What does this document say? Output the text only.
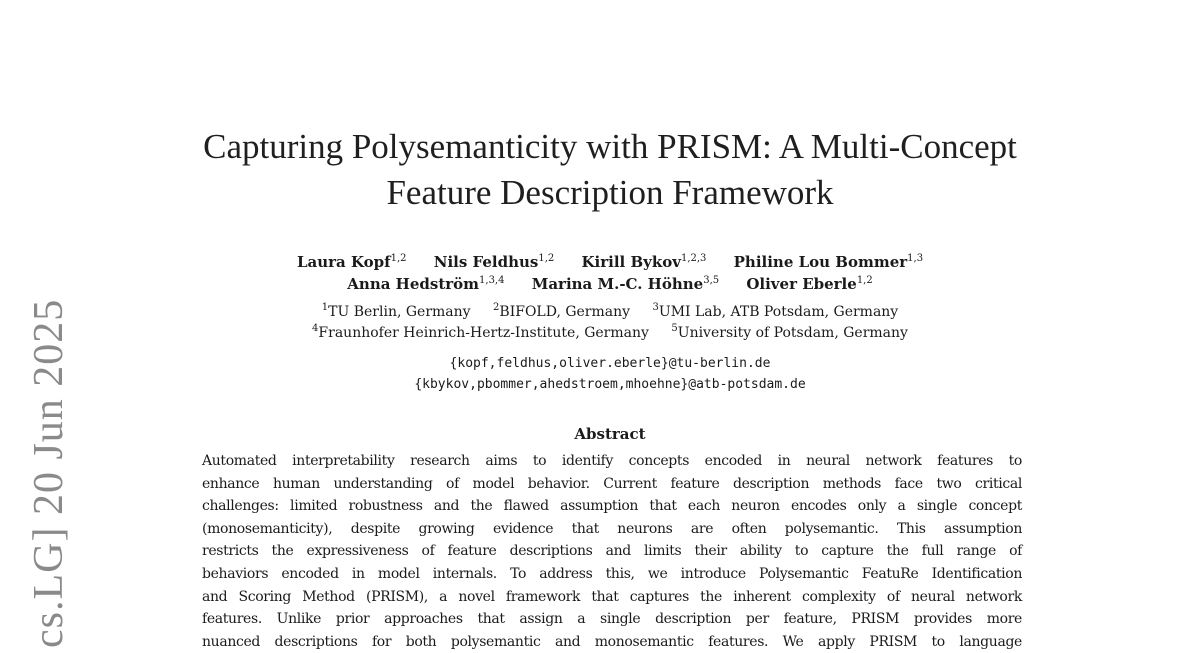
cs.LG] 20 Jun 2025
Capturing Polysemanticity with PRISM: A Multi-Concept
Feature Description Framework
Laura Kopf$^{1,2}$ Nils Feldhus$^{1,2}$ Kirill Bykov$^{1,2,3}$ Philine Lou Bommer$^{1,3}$
Anna Hedström$^{1,3,4}$ Marina M.-C. Höhne$^{3,5}$ Oliver Eberle$^{1,2}$
$^1$TU Berlin, Germany $^2$BIFOLD, Germany $^3$UMI Lab, ATB Potsdam, Germany
$^4$Fraunhofer Heinrich-Hertz-Institute, Germany $^5$University of Potsdam, Germany
{kopf,feldhus,oliver.eberle}@tu-berlin.de
{kbykov,pbommer,ahedstroem,mhoehne}@atb-potsdam.de
Abstract
Automated interpretability research aims to identify concepts encoded in neural network features to
enhance human understanding of model behavior. Current feature description methods face two critical
challenges: limited robustness and the flawed assumption that each neuron encodes only a single concept
(monosemanticity), despite growing evidence that neurons are often polysemantic. This assumption
restricts the expressiveness of feature descriptions and limits their ability to capture the full range of
behaviors encoded in model internals. To address this, we introduce Polysemantic FeatuRe Identification
and Scoring Method (PRISM), a novel framework that captures the inherent complexity of neural network
features. Unlike prior approaches that assign a single description per feature, PRISM provides more
nuanced descriptions for both polysemantic and monosemantic features. We apply PRISM to language
